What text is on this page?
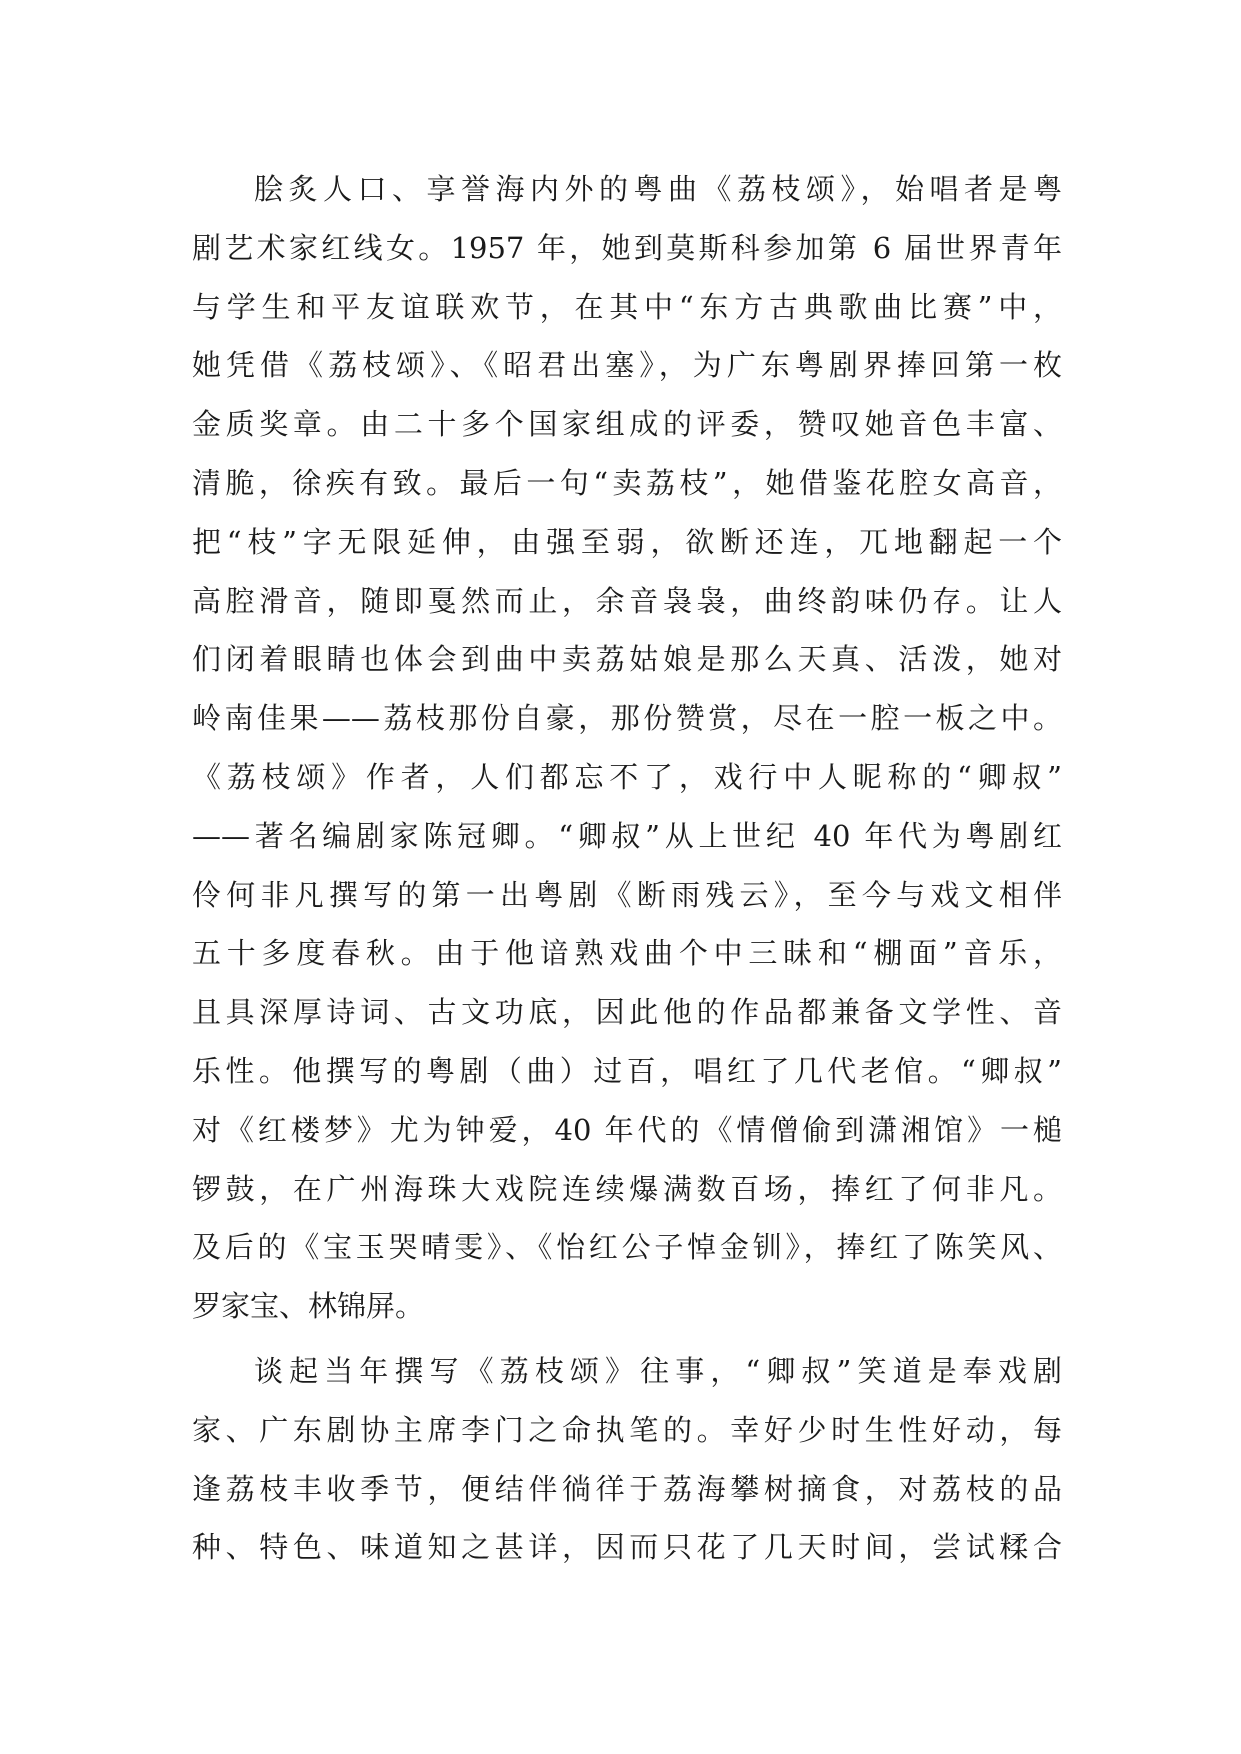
脍炙人口、享誉海内外的粤曲《荔枝颂》，始唱者是粤
剧艺术家红线女。1957 年，她到莫斯科参加第 6 届世界青年
与学生和平友谊联欢节，在其中“东方古典歌曲比赛”中，
她凭借《荔枝颂》、《昭君出塞》，为广东粤剧界捧回第一枚
金质奖章。由二十多个国家组成的评委，赞叹她音色丰富、
清脆，徐疾有致。最后一句“卖荔枝”，她借鉴花腔女高音，
把“枝”字无限延伸，由强至弱，欲断还连，兀地翻起一个
高腔滑音，随即戛然而止，余音袅袅，曲终韵味仍存。让人
们闭着眼睛也体会到曲中卖荔姑娘是那么天真、活泼，她对
岭南佳果——荔枝那份自豪，那份赞赏，尽在一腔一板之中。
《荔枝颂》作者，人们都忘不了，戏行中人昵称的“卿叔”
——著名编剧家陈冠卿。“卿叔”从上世纪 40 年代为粤剧红
伶何非凡撰写的第一出粤剧《断雨残云》，至今与戏文相伴
五十多度春秋。由于他谙熟戏曲个中三昧和“棚面”音乐，
且具深厚诗词、古文功底，因此他的作品都兼备文学性、音
乐性。他撰写的粤剧（曲）过百，唱红了几代老倌。“卿叔”
对《红楼梦》尤为钟爱，40 年代的《情僧偷到潇湘馆》一槌
锣鼓，在广州海珠大戏院连续爆满数百场，捧红了何非凡。
及后的《宝玉哭晴雯》、《怡红公子悼金钏》，捧红了陈笑风、
罗家宝、林锦屏。
谈起当年撰写《荔枝颂》往事，“卿叔”笑道是奉戏剧
家、广东剧协主席李门之命执笔的。幸好少时生性好动，每
逢荔枝丰收季节，便结伴徜徉于荔海攀树摘食，对荔枝的品
种、特色、味道知之甚详，因而只花了几天时间，尝试糅合
